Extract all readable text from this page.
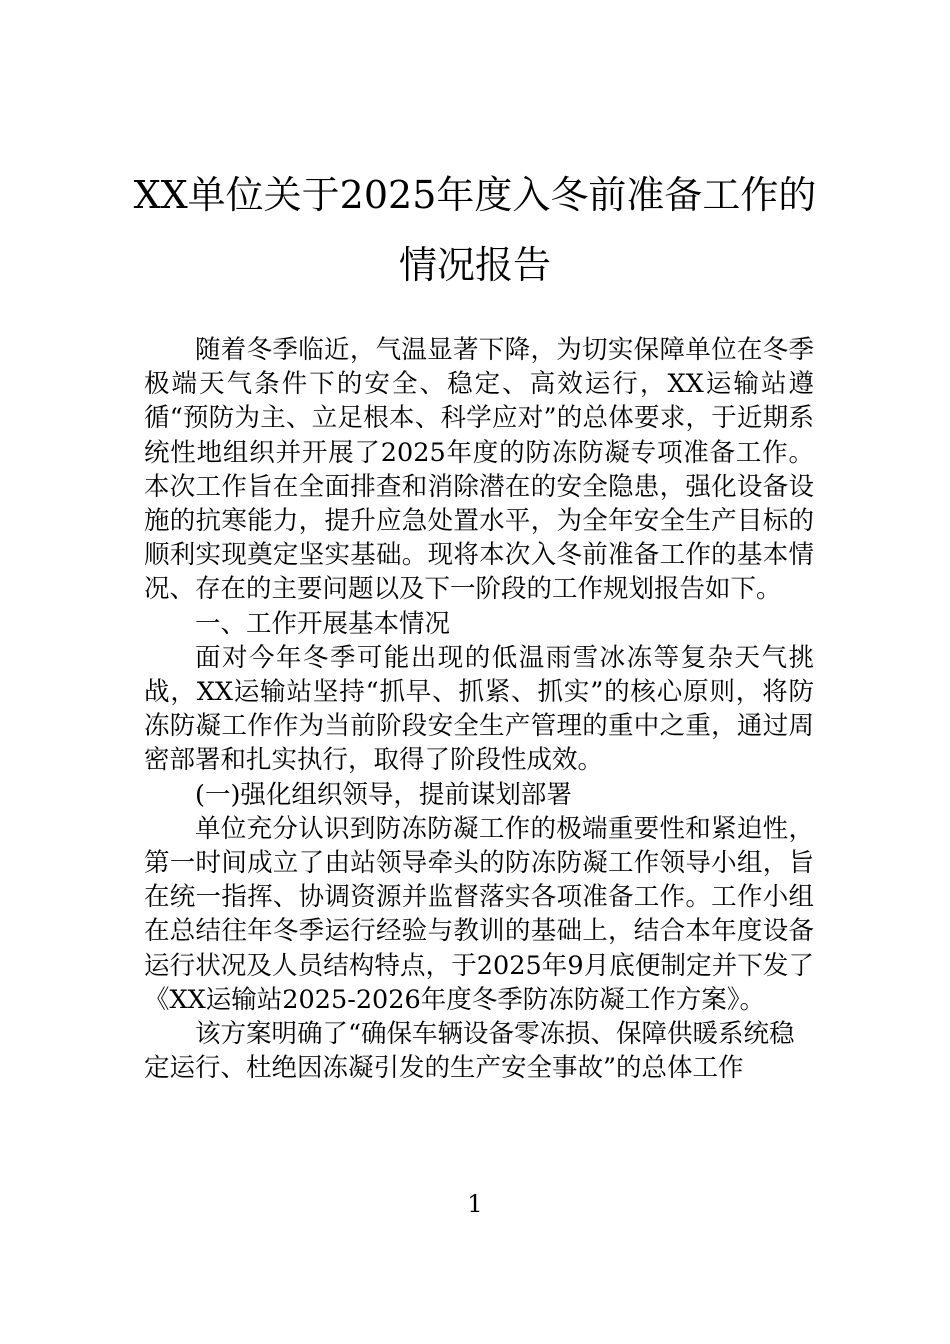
XX单位关于2025年度入冬前准备工作的
情况报告

随着冬季临近，气温显著下降，为切实保障单位在冬季极端天气条件下的安全、稳定、高效运行，XX运输站遵循“预防为主、立足根本、科学应对”的总体要求，于近期系统性地组织并开展了2025年度的防冻防凝专项准备工作。本次工作旨在全面排查和消除潜在的安全隐患，强化设备设施的抗寒能力，提升应急处置水平，为全年安全生产目标的顺利实现奠定坚实基础。现将本次入冬前准备工作的基本情况、存在的主要问题以及下一阶段的工作规划报告如下。

一、工作开展基本情况

面对今年冬季可能出现的低温雨雪冰冻等复杂天气挑战，XX运输站坚持“抓早、抓紧、抓实”的核心原则，将防冻防凝工作作为当前阶段安全生产管理的重中之重，通过周密部署和扎实执行，取得了阶段性成效。

(一)强化组织领导，提前谋划部署

单位充分认识到防冻防凝工作的极端重要性和紧迫性，第一时间成立了由站领导牵头的防冻防凝工作领导小组，旨在统一指挥、协调资源并监督落实各项准备工作。工作小组在总结往年冬季运行经验与教训的基础上，结合本年度设备运行状况及人员结构特点，于2025年9月底便制定并下发了《XX运输站2025-2026年度冬季防冻防凝工作方案》。

该方案明确了“确保车辆设备零冻损、保障供暖系统稳定运行、杜绝因冻凝引发的生产安全事故”的总体工作

1
